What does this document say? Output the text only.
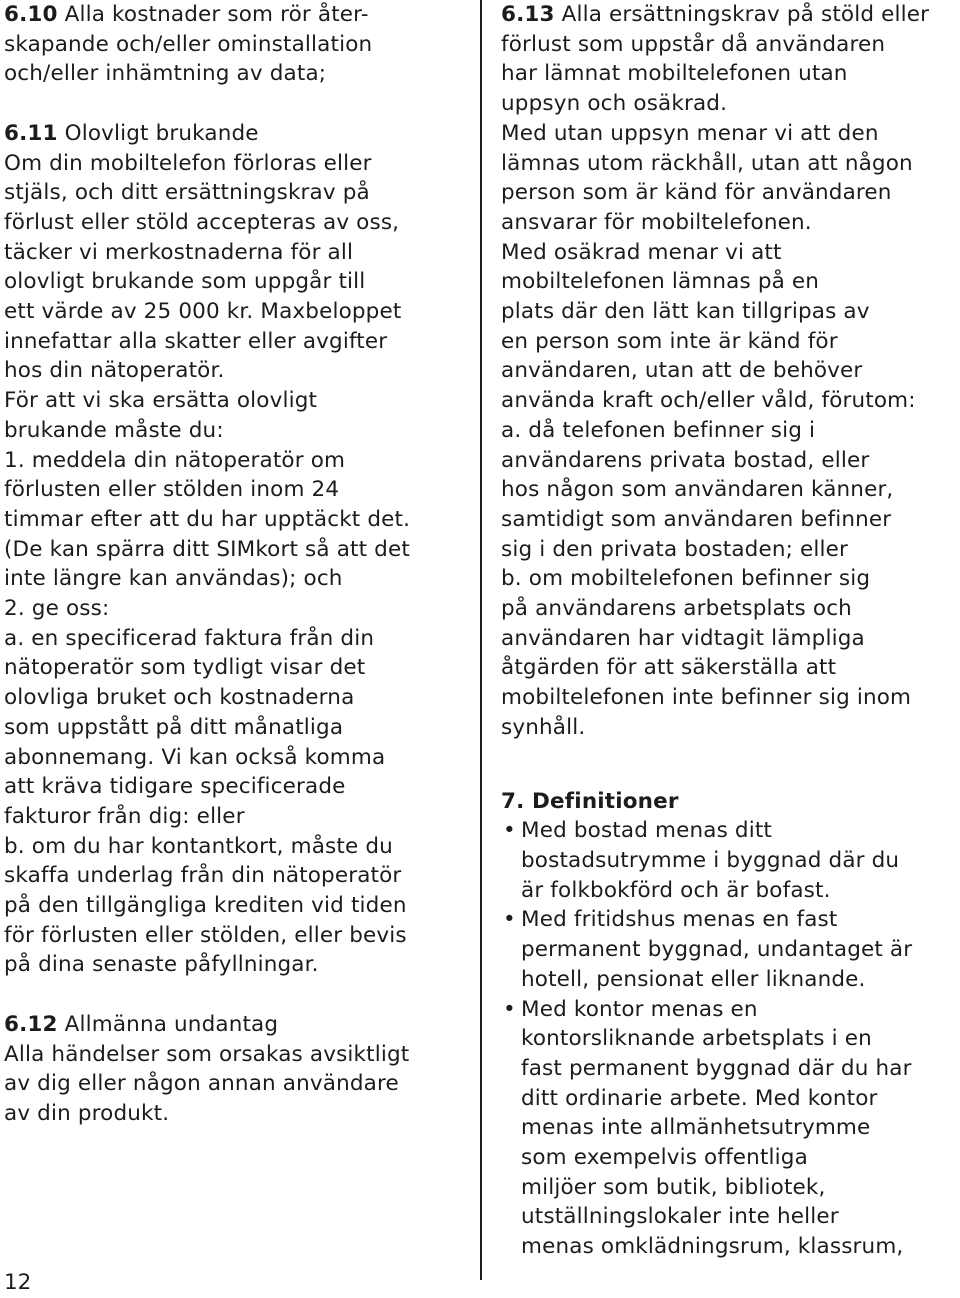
6.10 Alla kostnader som rör åter-
skapande och/eller ominstallation
och/eller inhämtning av data;
6.11 Olovligt brukande
Om din mobiltelefon förloras eller
stjäls, och ditt ersättningskrav på
förlust eller stöld accepteras av oss,
täcker vi merkostnaderna för all
olovligt brukande som uppgår till
ett värde av 25 000 kr. Maxbeloppet
innefattar alla skatter eller avgifter
hos din nätoperatör.
För att vi ska ersätta olovligt
brukande måste du:
1. meddela din nätoperatör om
förlusten eller stölden inom 24
timmar efter att du har upptäckt det.
(De kan spärra ditt SIMkort så att det
inte längre kan användas); och
2. ge oss:
a. en specificerad faktura från din
nätoperatör som tydligt visar det
olovliga bruket och kostnaderna
som uppstått på ditt månatliga
abonnemang. Vi kan också komma
att kräva tidigare specificerade
fakturor från dig: eller
b. om du har kontantkort, måste du
skaffa underlag från din nätoperatör
på den tillgängliga krediten vid tiden
för förlusten eller stölden, eller bevis
på dina senaste påfyllningar.
6.12 Allmänna undantag
Alla händelser som orsakas avsiktligt
av dig eller någon annan användare
av din produkt.
6.13 Alla ersättningskrav på stöld eller
förlust som uppstår då användaren
har lämnat mobiltelefonen utan
uppsyn och osäkrad.
Med utan uppsyn menar vi att den
lämnas utom räckhåll, utan att någon
person som är känd för användaren
ansvarar för mobiltelefonen.
Med osäkrad menar vi att
mobiltelefonen lämnas på en
plats där den lätt kan tillgripas av
en person som inte är känd för
användaren, utan att de behöver
använda kraft och/eller våld, förutom:
a. då telefonen befinner sig i
användarens privata bostad, eller
hos någon som användaren känner,
samtidigt som användaren befinner
sig i den privata bostaden; eller
b. om mobiltelefonen befinner sig
på användarens arbetsplats och
användaren har vidtagit lämpliga
åtgärden för att säkerställa att
mobiltelefonen inte befinner sig inom
synhåll.
7. Definitioner
• Med bostad menas ditt
bostadsutrymme i byggnad där du
är folkbokförd och är bofast.
• Med fritidshus menas en fast
permanent byggnad, undantaget är
hotell, pensionat eller liknande.
• Med kontor menas en
kontorsliknande arbetsplats i en
fast permanent byggnad där du har
ditt ordinarie arbete. Med kontor
menas inte allmänhetsutrymme
som exempelvis offentliga
miljöer som butik, bibliotek,
utställningslokaler inte heller
menas omklädningsrum, klassrum,
12
